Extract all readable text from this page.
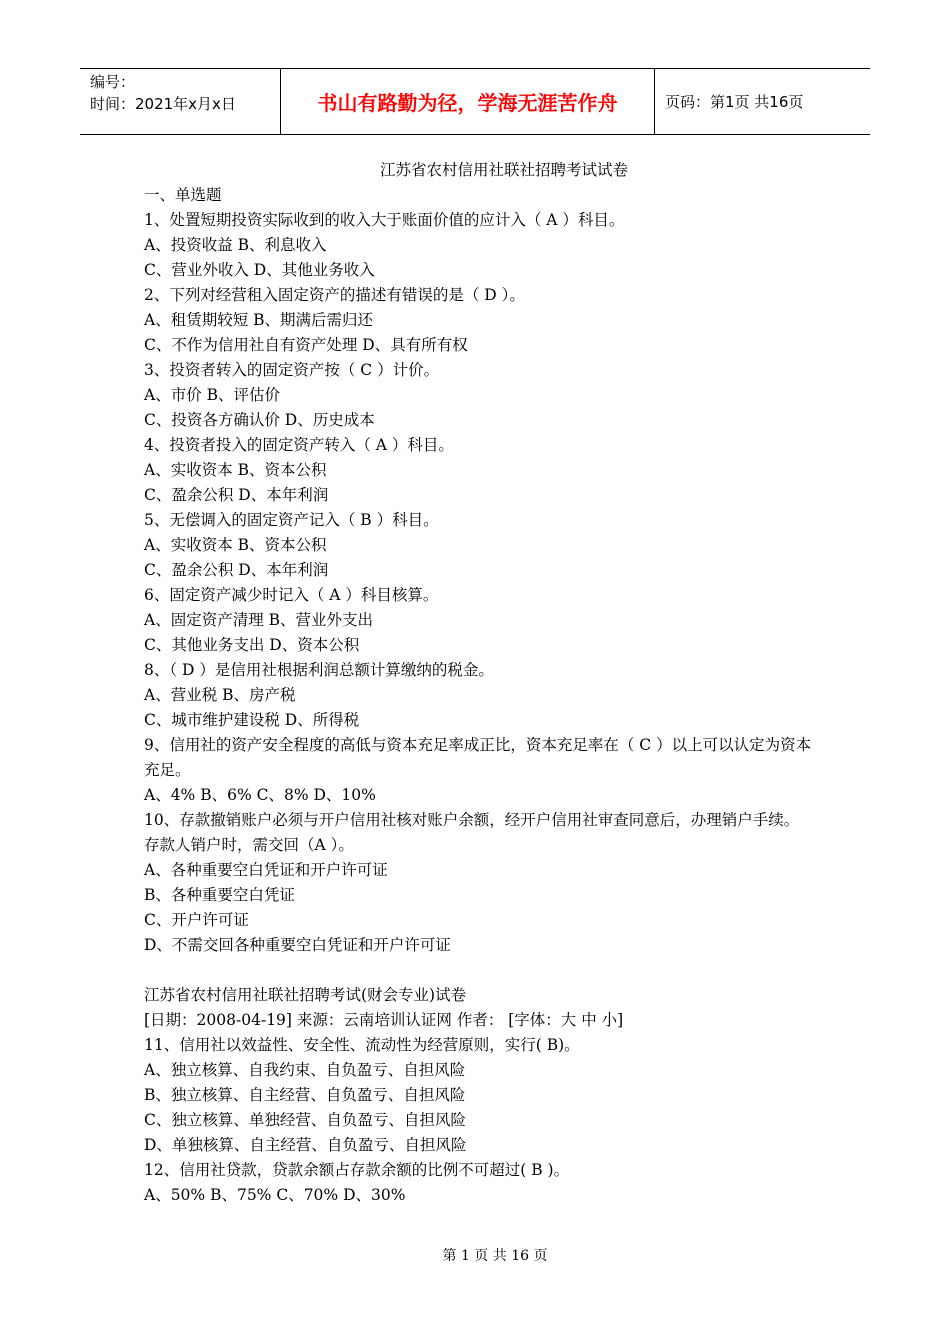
编号：
时间：2021年x月x日	书山有路勤为径，学海无涯苦作舟	页码：第1页 共16页
江苏省农村信用社联社招聘考试试卷
一、单选题
1、处置短期投资实际收到的收入大于账面价值的应计入（ A ）科目。
A、投资收益 B、利息收入
C、营业外收入 D、其他业务收入
2、下列对经营租入固定资产的描述有错误的是（ D ）。
A、租赁期较短 B、期满后需归还
C、不作为信用社自有资产处理 D、具有所有权
3、投资者转入的固定资产按（ C ）计价。
A、市价 B、评估价
C、投资各方确认价 D、历史成本
4、投资者投入的固定资产转入（ A ）科目。
A、实收资本 B、资本公积
C、盈余公积 D、本年利润
5、无偿调入的固定资产记入（ B ）科目。
A、实收资本 B、资本公积
C、盈余公积 D、本年利润
6、固定资产减少时记入（ A ）科目核算。
A、固定资产清理 B、营业外支出
C、其他业务支出 D、资本公积
8、（ D ）是信用社根据利润总额计算缴纳的税金。
A、营业税 B、房产税
C、城市维护建设税 D、所得税
9、信用社的资产安全程度的高低与资本充足率成正比，资本充足率在（ C ）以上可以认定为资本充足。
A、4% B、6% C、8% D、10%
10、存款撤销账户必须与开户信用社核对账户余额，经开户信用社审查同意后，办理销户手续。存款人销户时，需交回（A ）。
A、各种重要空白凭证和开户许可证
B、各种重要空白凭证
C、开户许可证
D、不需交回各种重要空白凭证和开户许可证
江苏省农村信用社联社招聘考试(财会专业)试卷
[日期：2008-04-19] 来源：云南培训认证网 作者： [字体：大 中 小]
11、信用社以效益性、安全性、流动性为经营原则，实行( B)。
A、独立核算、自我约束、自负盈亏、自担风险
B、独立核算、自主经营、自负盈亏、自担风险
C、独立核算、单独经营、自负盈亏、自担风险
D、单独核算、自主经营、自负盈亏、自担风险
12、信用社贷款，贷款余额占存款余额的比例不可超过( B )。
A、50% B、75% C、70% D、30%
第 1 页 共 16 页
